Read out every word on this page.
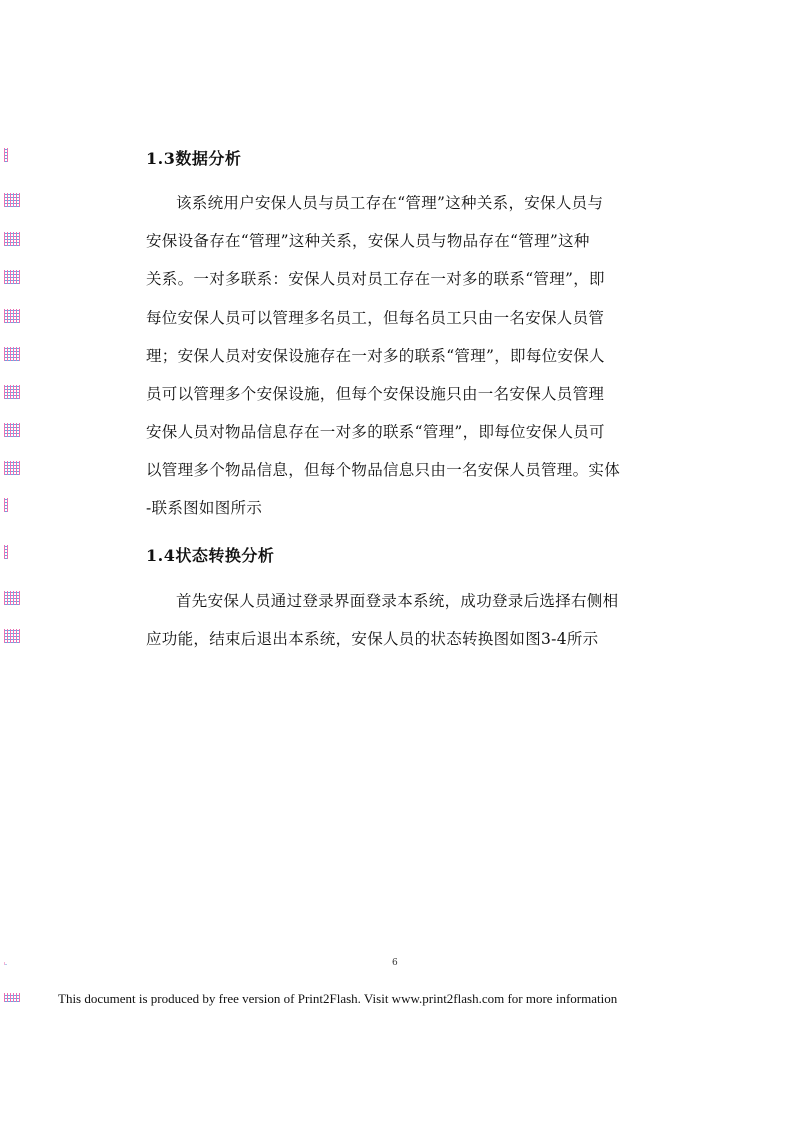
1.3数据分析
该系统用户安保人员与员工存在“管理”这种关系，安保人员与
安保设备存在“管理”这种关系，安保人员与物品存在“管理”这种
关系。一对多联系：安保人员对员工存在一对多的联系“管理”，即
每位安保人员可以管理多名员工，但每名员工只由一名安保人员管
理；安保人员对安保设施存在一对多的联系“管理”，即每位安保人
员可以管理多个安保设施，但每个安保设施只由一名安保人员管理
安保人员对物品信息存在一对多的联系“管理”，即每位安保人员可
以管理多个物品信息，但每个物品信息只由一名安保人员管理。实体
-联系图如图所示
1.4状态转换分析
首先安保人员通过登录界面登录本系统，成功登录后选择右侧相
应功能，结束后退出本系统，安保人员的状态转换图如图3-4所示
6
This document is produced by free version of Print2Flash. Visit www.print2flash.com for more information
